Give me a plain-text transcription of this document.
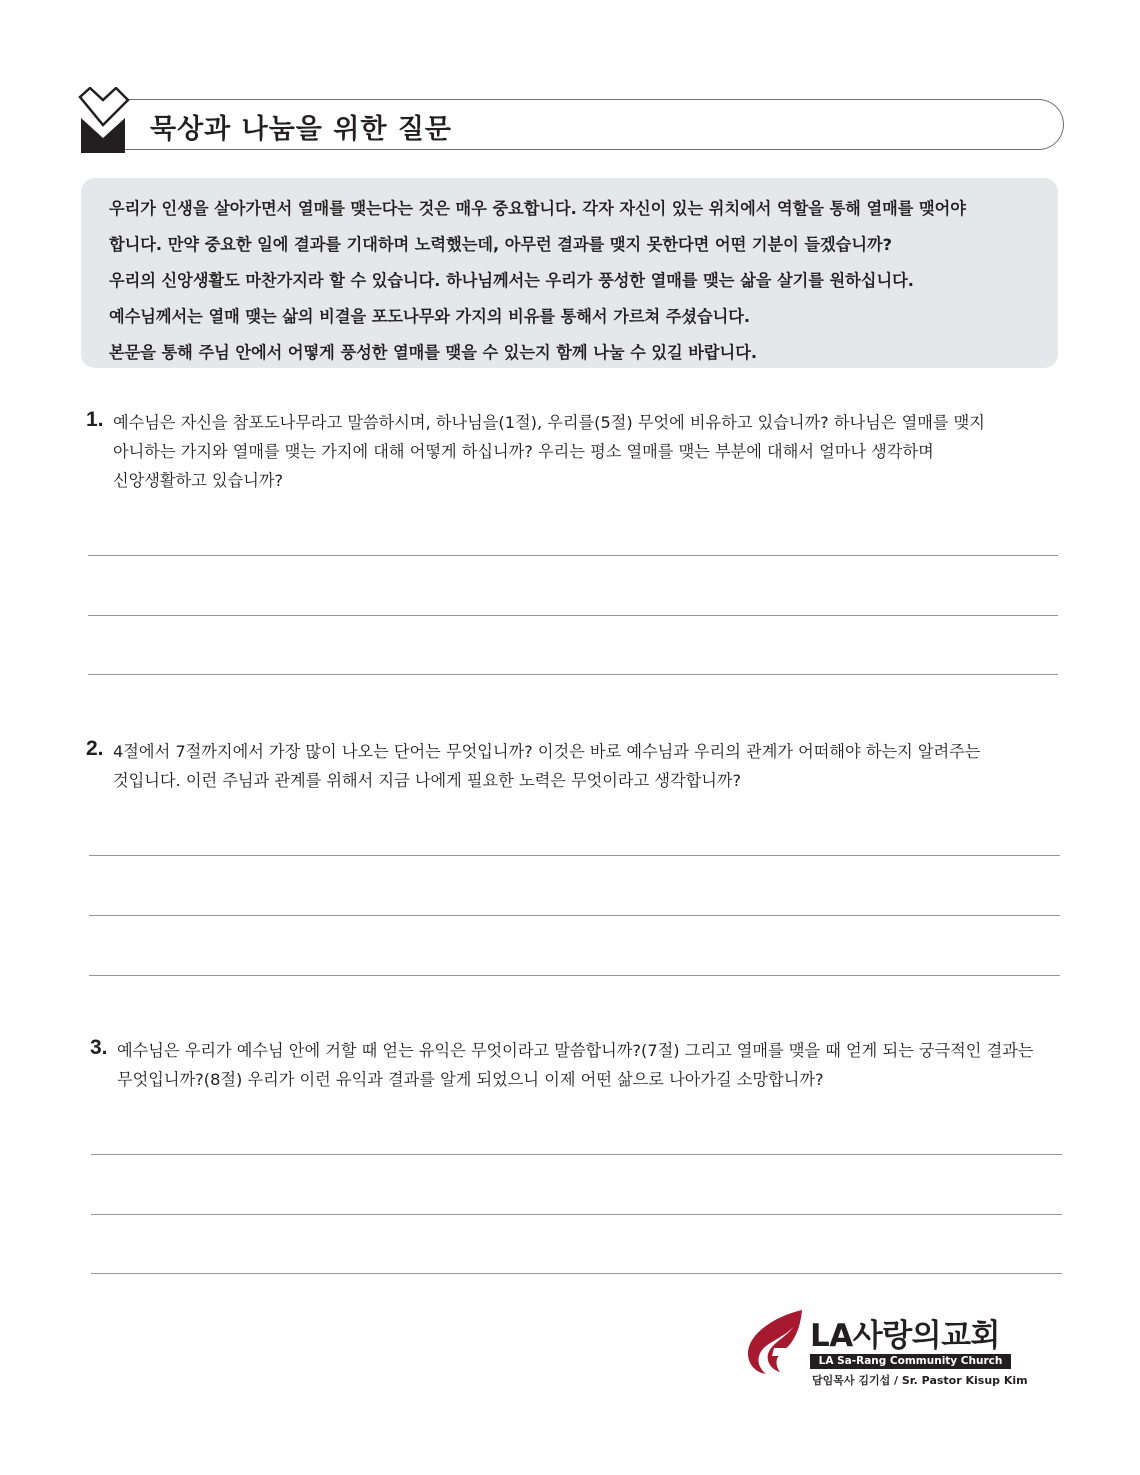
묵상과 나눔을 위한 질문
우리가 인생을 살아가면서 열매를 맺는다는 것은 매우 중요합니다. 각자 자신이 있는 위치에서 역할을 통해 열매를 맺어야
합니다. 만약 중요한 일에 결과를 기대하며 노력했는데, 아무런 결과를 맺지 못한다면 어떤 기분이 들겠습니까?
우리의 신앙생활도 마찬가지라 할 수 있습니다. 하나님께서는 우리가 풍성한 열매를 맺는 삶을 살기를 원하십니다.
예수님께서는 열매 맺는 삶의 비결을 포도나무와 가지의 비유를 통해서 가르쳐 주셨습니다.
본문을 통해 주님 안에서 어떻게 풍성한 열매를 맺을 수 있는지 함께 나눌 수 있길 바랍니다.
1. 예수님은 자신을 참포도나무라고 말씀하시며, 하나님을(1절), 우리를(5절) 무엇에 비유하고 있습니까? 하나님은 열매를 맺지
아니하는 가지와 열매를 맺는 가지에 대해 어떻게 하십니까? 우리는 평소 열매를 맺는 부분에 대해서 얼마나 생각하며
신앙생활하고 있습니까?
2. 4절에서 7절까지에서 가장 많이 나오는 단어는 무엇입니까? 이것은 바로 예수님과 우리의 관계가 어떠해야 하는지 알려주는
것입니다. 이런 주님과 관계를 위해서 지금 나에게 필요한 노력은 무엇이라고 생각합니까?
3. 예수님은 우리가 예수님 안에 거할 때 얻는 유익은 무엇이라고 말씀합니까?(7절) 그리고 열매를 맺을 때 얻게 되는 궁극적인 결과는
무엇입니까?(8절) 우리가 이런 유익과 결과를 알게 되었으니 이제 어떤 삶으로 나아가길 소망합니까?
LA사랑의교회
LA Sa-Rang Community Church
담임목사 김기섭 / Sr. Pastor Kisup Kim
